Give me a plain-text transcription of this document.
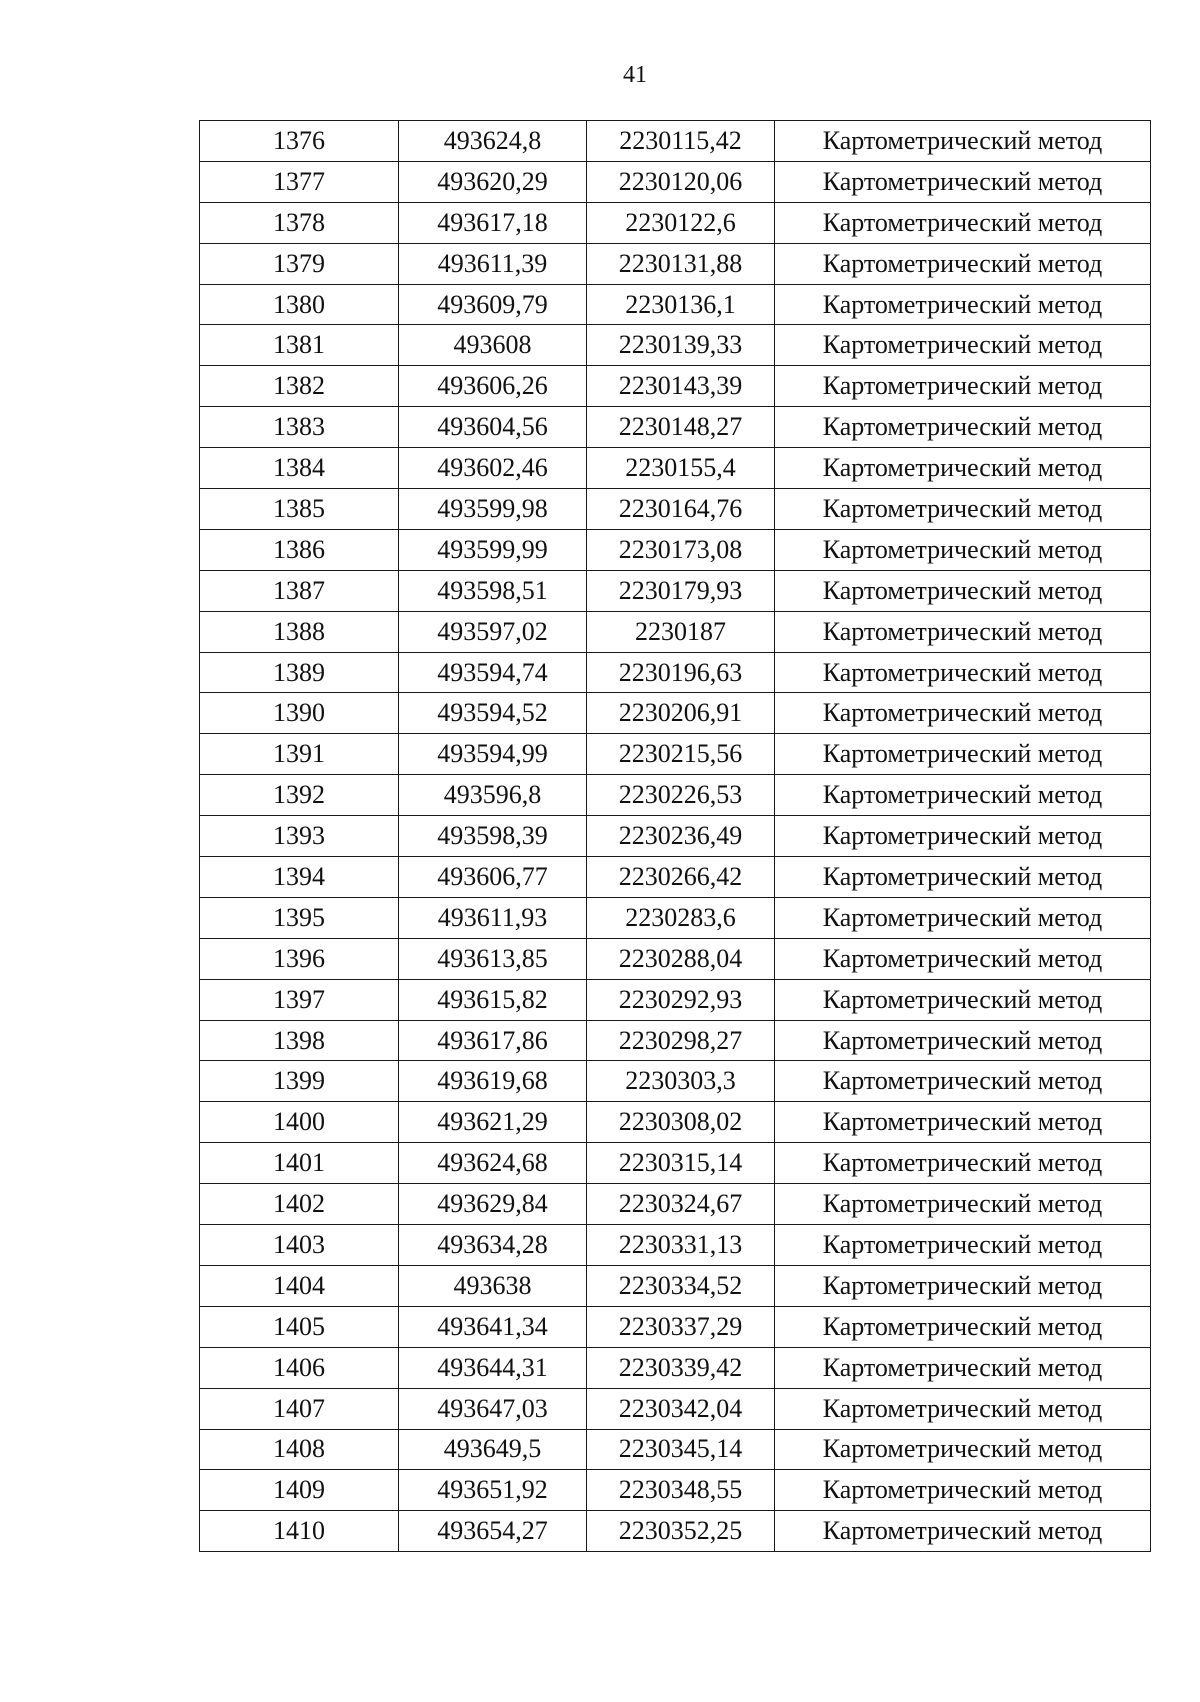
41
1376	493624,8	2230115,42	Картометрический метод
1377	493620,29	2230120,06	Картометрический метод
1378	493617,18	2230122,6	Картометрический метод
1379	493611,39	2230131,88	Картометрический метод
1380	493609,79	2230136,1	Картометрический метод
1381	493608	2230139,33	Картометрический метод
1382	493606,26	2230143,39	Картометрический метод
1383	493604,56	2230148,27	Картометрический метод
1384	493602,46	2230155,4	Картометрический метод
1385	493599,98	2230164,76	Картометрический метод
1386	493599,99	2230173,08	Картометрический метод
1387	493598,51	2230179,93	Картометрический метод
1388	493597,02	2230187	Картометрический метод
1389	493594,74	2230196,63	Картометрический метод
1390	493594,52	2230206,91	Картометрический метод
1391	493594,99	2230215,56	Картометрический метод
1392	493596,8	2230226,53	Картометрический метод
1393	493598,39	2230236,49	Картометрический метод
1394	493606,77	2230266,42	Картометрический метод
1395	493611,93	2230283,6	Картометрический метод
1396	493613,85	2230288,04	Картометрический метод
1397	493615,82	2230292,93	Картометрический метод
1398	493617,86	2230298,27	Картометрический метод
1399	493619,68	2230303,3	Картометрический метод
1400	493621,29	2230308,02	Картометрический метод
1401	493624,68	2230315,14	Картометрический метод
1402	493629,84	2230324,67	Картометрический метод
1403	493634,28	2230331,13	Картометрический метод
1404	493638	2230334,52	Картометрический метод
1405	493641,34	2230337,29	Картометрический метод
1406	493644,31	2230339,42	Картометрический метод
1407	493647,03	2230342,04	Картометрический метод
1408	493649,5	2230345,14	Картометрический метод
1409	493651,92	2230348,55	Картометрический метод
1410	493654,27	2230352,25	Картометрический метод
